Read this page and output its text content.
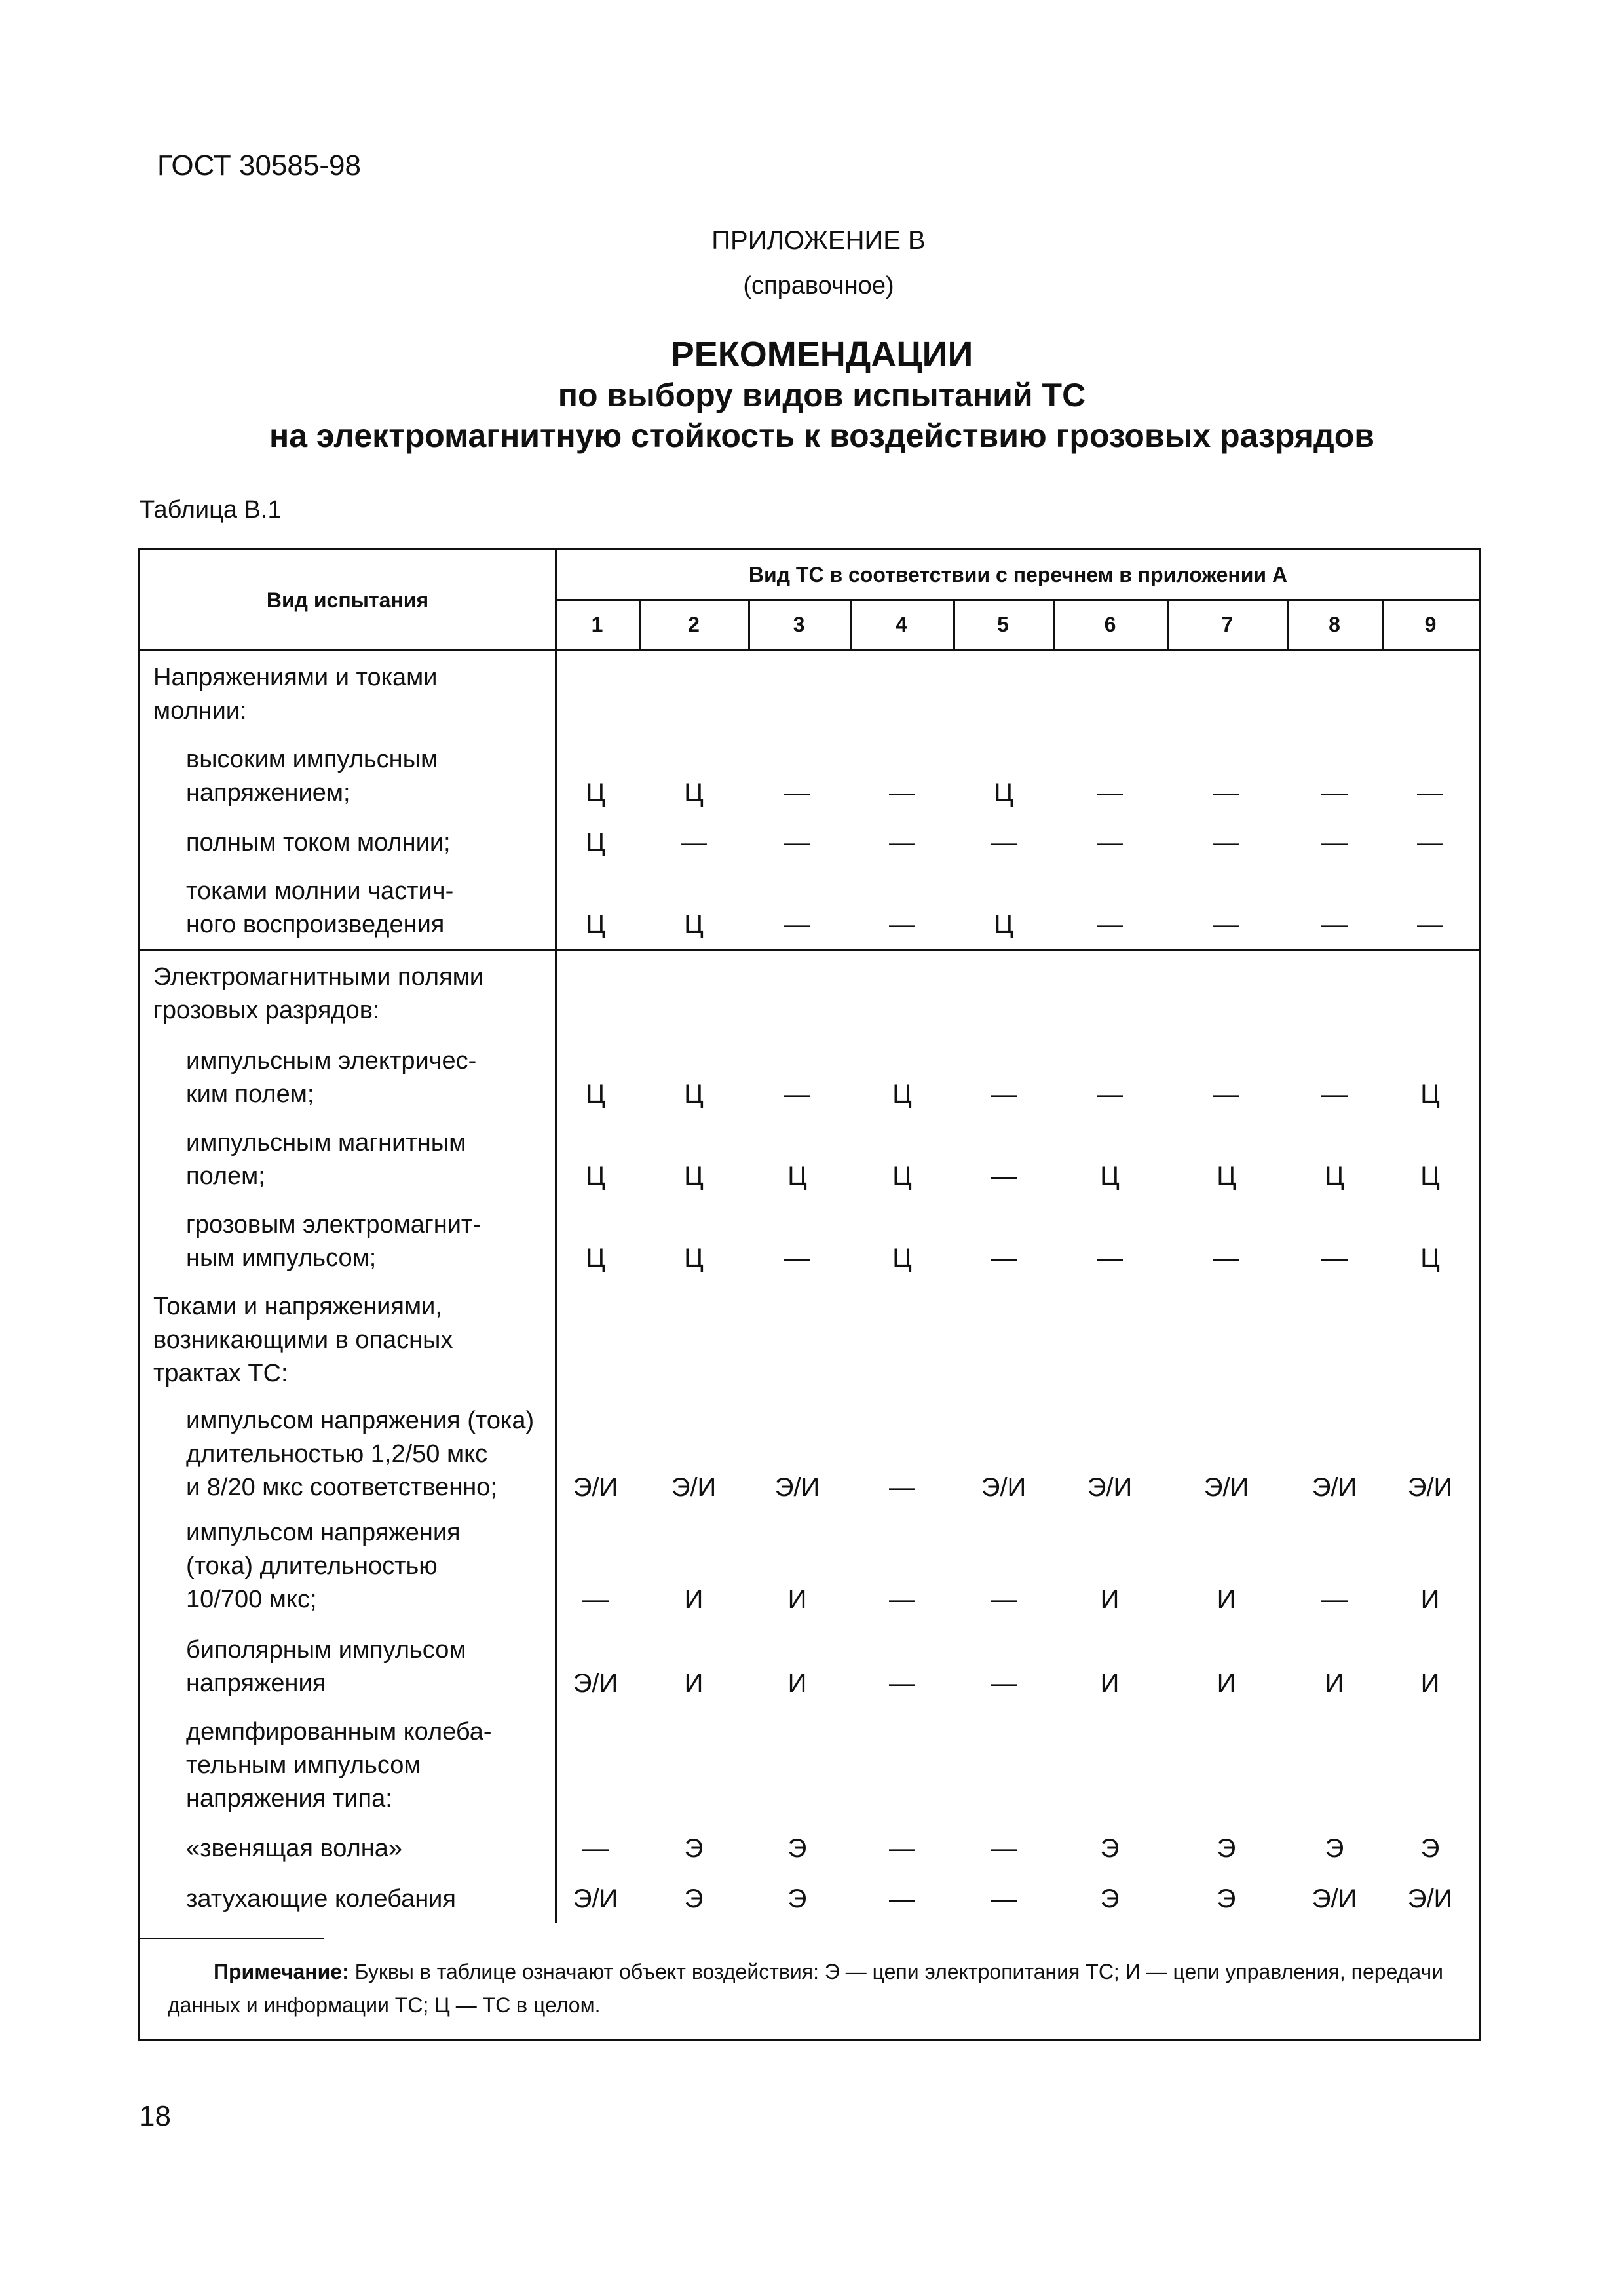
ГОСТ 30585-98
ПРИЛОЖЕНИЕ В
(справочное)
РЕКОМЕНДАЦИИ
по выбору видов испытаний ТС
на электромагнитную стойкость к воздействию грозовых разрядов
Таблица В.1
Вид испытания
Вид ТС в соответствии с перечнем в приложении А
Примечание: Буквы в таблице означают объект воздействия: Э — цепи электропитания ТС; И — цепи управления, передачи данных и информации ТС; Ц — ТС в целом.
1	2	3	4	5	6	7	8	9
Напряжениями и токами
молнии:
высоким импульсным
напряжением;	Ц	Ц	—	—	Ц	—	—	—	—
полным током молнии;	Ц	—	—	—	—	—	—	—	—
токами молнии частич-
ного воспроизведения	Ц	Ц	—	—	Ц	—	—	—	—
Электромагнитными полями
грозовых разрядов:
импульсным электричес-
ким полем;	Ц	Ц	—	Ц	—	—	—	—	Ц
импульсным магнитным
полем;	Ц	Ц	Ц	Ц	—	Ц	Ц	Ц	Ц
грозовым электромагнит-
ным импульсом;	Ц	Ц	—	Ц	—	—	—	—	Ц
Токами и напряжениями,
возникающими в опасных
трактах ТС:
импульсом напряжения (тока)
длительностью 1,2/50 мкс
и 8/20 мкс соответственно;	Э/И	Э/И	Э/И	—	Э/И	Э/И	Э/И	Э/И	Э/И
импульсом напряжения
(тока) длительностью
10/700 мкс;	—	И	И	—	—	И	И	—	И
биполярным импульсом
напряжения	Э/И	И	И	—	—	И	И	И	И
демпфированным колеба-
тельным импульсом
напряжения типа:
«звенящая волна»	—	Э	Э	—	—	Э	Э	Э	Э
затухающие колебания	Э/И	Э	Э	—	—	Э	Э	Э/И	Э/И
18
